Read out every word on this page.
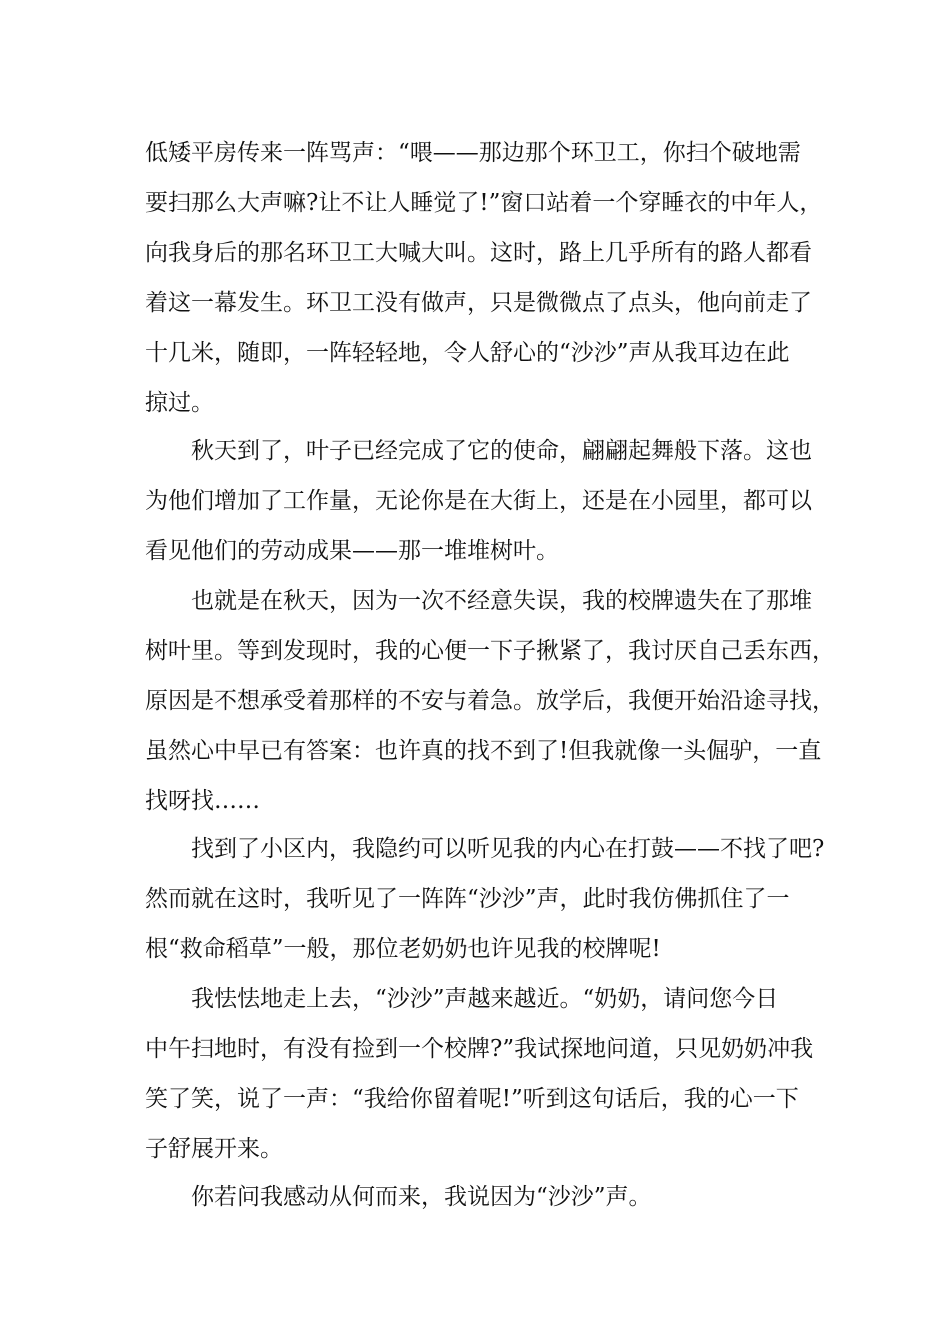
低矮平房传来一阵骂声：“喂——那边那个环卫工，你扫个破地需
要扫那么大声嘛?让不让人睡觉了!”窗口站着一个穿睡衣的中年人，
向我身后的那名环卫工大喊大叫。这时，路上几乎所有的路人都看
着这一幕发生。环卫工没有做声，只是微微点了点头，他向前走了
十几米，随即，一阵轻轻地，令人舒心的“沙沙”声从我耳边在此
掠过。
秋天到了，叶子已经完成了它的使命，翩翩起舞般下落。这也
为他们增加了工作量，无论你是在大街上，还是在小园里，都可以
看见他们的劳动成果——那一堆堆树叶。
也就是在秋天，因为一次不经意失误，我的校牌遗失在了那堆
树叶里。等到发现时，我的心便一下子揪紧了，我讨厌自己丢东西，
原因是不想承受着那样的不安与着急。放学后，我便开始沿途寻找，
虽然心中早已有答案：也许真的找不到了!但我就像一头倔驴，一直
找呀找……
找到了小区内，我隐约可以听见我的内心在打鼓——不找了吧?
然而就在这时，我听见了一阵阵“沙沙”声，此时我仿佛抓住了一
根“救命稻草”一般，那位老奶奶也许见我的校牌呢!
我怯怯地走上去，“沙沙”声越来越近。“奶奶，请问您今日
中午扫地时，有没有捡到一个校牌?”我试探地问道，只见奶奶冲我
笑了笑，说了一声：“我给你留着呢!”听到这句话后，我的心一下
子舒展开来。
你若问我感动从何而来，我说因为“沙沙”声。
